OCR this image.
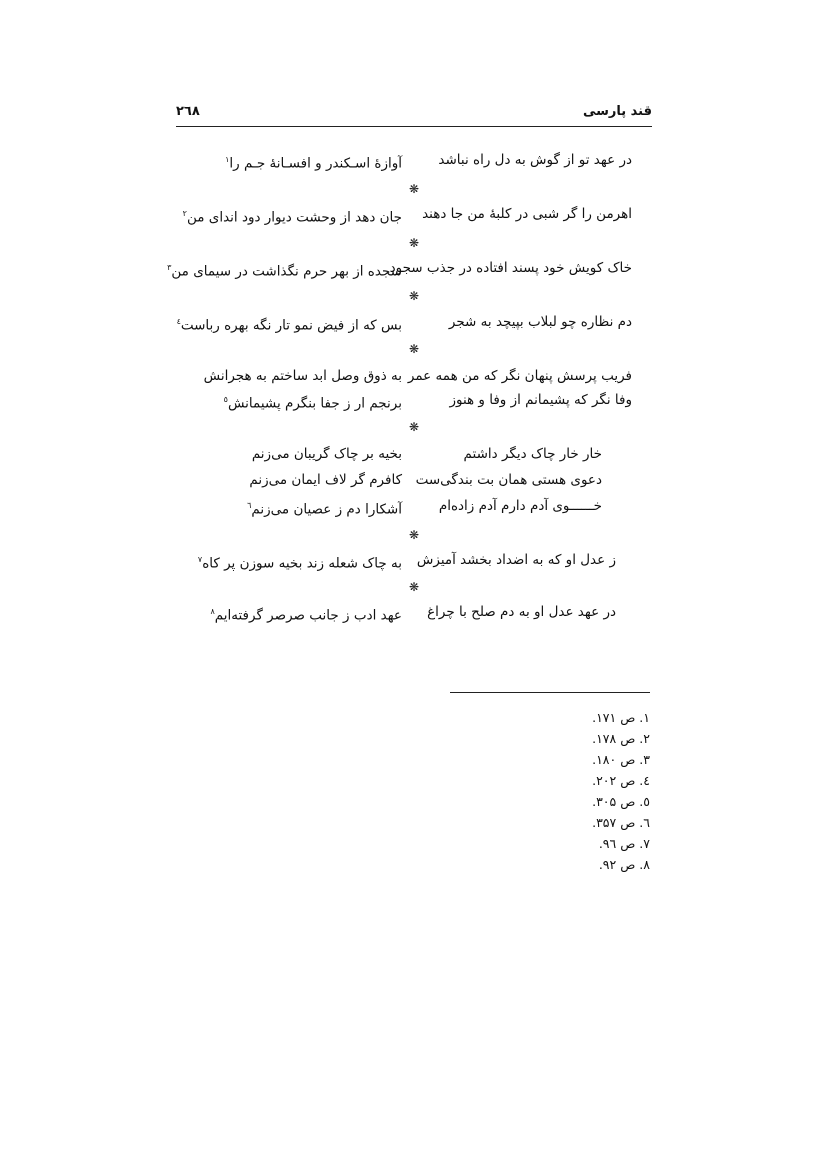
قند پارسی
۲٦۸
در عهد تو از گوش به دل راه نباشد
آوازۀ اسـکندر و افسـانۀ جـم را$^۱$
❋
اهرمن را گر شبی در کلبۀ من جا دهند
جان دهد از وحشت دیوار دود اندای من$^۲$
❋
خاک کویش خود پسند افتاده در جذب سجود
سجده از بهر حرم نگذاشت در سیمای من$^۳$
❋
دم نظاره چو لبلاب بپیچد به شجر
بس که از فیض نمو تار نگه بهره رباست$^٤$
❋
فریب پرسش پنهان نگر که من همه عمر
به ذوق وصل ابد ساختم به هجرانش
وفا نگر که پشیمانم از وفا و هنوز
برنجم ار ز جفا بنگرم پشیمانش$^٥$
❋
خار خار چاک دیگر داشتم
بخیه بر چاک گریبان می‌زنم
دعوی هستی همان بت بندگی‌ست
کافرم گر لاف ایمان می‌زنم
خــــــوی آدم دارم آدم زاده‌ام
آشکارا دم ز عصیان می‌زنم$^٦$
❋
ز عدل او که به اضداد بخشد آمیزش
به چاک شعله زند بخیه سوزن پر کاه$^۷$
❋
در عهد عدل او به دم صلح با چراغ
عهد ادب ز جانب صرصر گرفته‌ایم$^۸$
۱. ص ۱۷۱.
۲. ص ۱۷۸.
۳. ص ۱۸۰.
٤. ص ۲۰۲.
٥. ص ۳۰۵.
٦. ص ۳۵۷.
۷. ص ۹٦.
۸. ص ۹۲.
